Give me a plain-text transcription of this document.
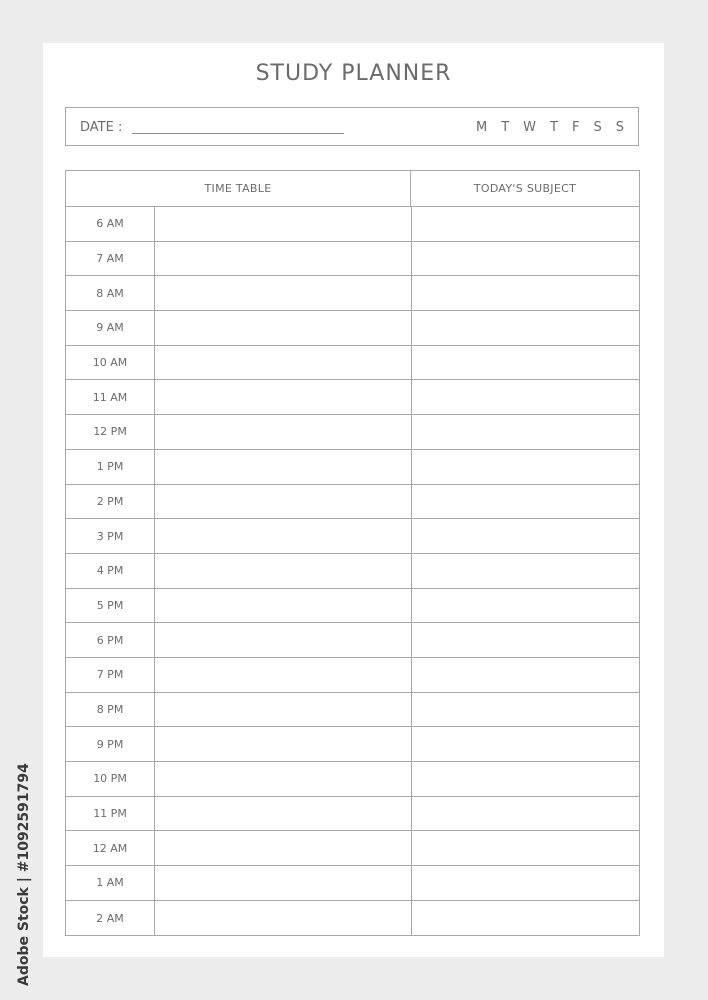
STUDY PLANNER
DATE :	M T W T F S S
TIME TABLE	TODAY'S SUBJECT
6 AM
7 AM
8 AM
9 AM
10 AM
11 AM
12 PM
1 PM
2 PM
3 PM
4 PM
5 PM
6 PM
7 PM
8 PM
9 PM
10 PM
11 PM
12 AM
1 AM
2 AM
Adobe Stock | #1092591794
